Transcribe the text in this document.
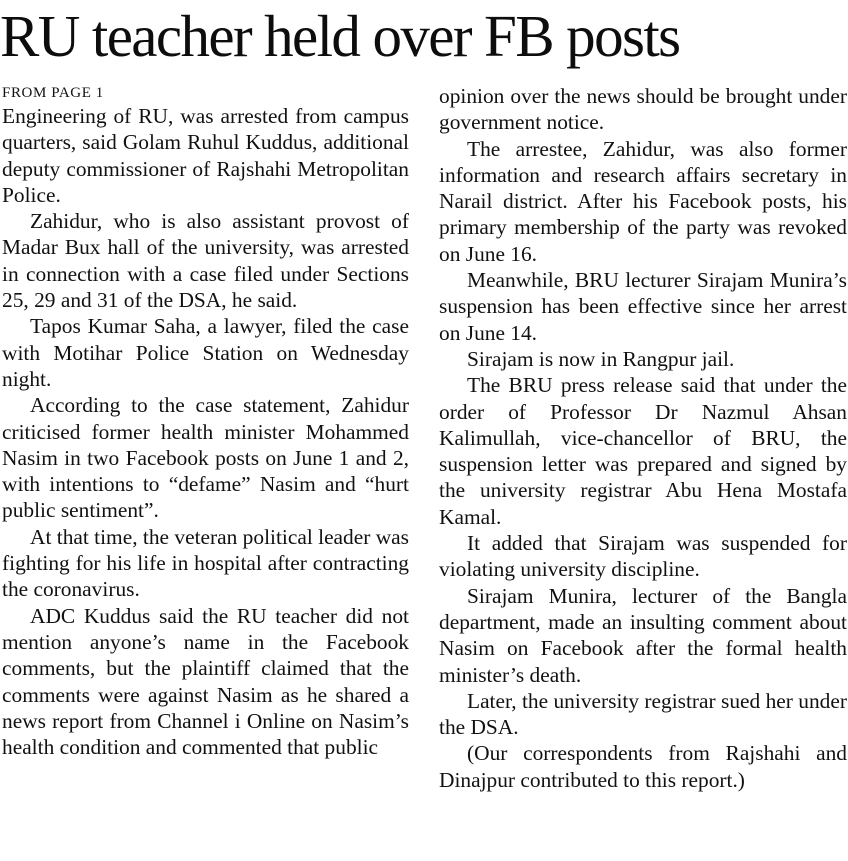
RU teacher held over FB posts

FROM PAGE 1

Engineering of RU, was arrested from campus quarters, said Golam Ruhul Kuddus, additional deputy commissioner of Rajshahi Metropolitan Police.

Zahidur, who is also assistant provost of Madar Bux hall of the university, was arrested in connection with a case filed under Sections 25, 29 and 31 of the DSA, he said.

Tapos Kumar Saha, a lawyer, filed the case with Motihar Police Station on Wednesday night.

According to the case statement, Zahidur criticised former health minister Mohammed Nasim in two Facebook posts on June 1 and 2, with intentions to “defame” Nasim and “hurt public sentiment”.

At that time, the veteran political leader was fighting for his life in hospital after contracting the coronavirus.

ADC Kuddus said the RU teacher did not mention anyone’s name in the Facebook comments, but the plaintiff claimed that the comments were against Nasim as he shared a news report from Channel i Online on Nasim’s health condition and commented that public

opinion over the news should be brought under government notice.

The arrestee, Zahidur, was also former information and research affairs secretary in Narail district. After his Facebook posts, his primary membership of the party was revoked on June 16.

Meanwhile, BRU lecturer Sirajam Munira’s suspension has been effective since her arrest on June 14.

Sirajam is now in Rangpur jail.

The BRU press release said that under the order of Professor Dr Nazmul Ahsan Kalimullah, vice-chancellor of BRU, the suspension letter was prepared and signed by the university registrar Abu Hena Mostafa Kamal.

It added that Sirajam was suspended for violating university discipline.

Sirajam Munira, lecturer of the Bangla department, made an insulting comment about Nasim on Facebook after the formal health minister’s death.

Later, the university registrar sued her under the DSA.

(Our correspondents from Rajshahi and Dinajpur contributed to this report.)
